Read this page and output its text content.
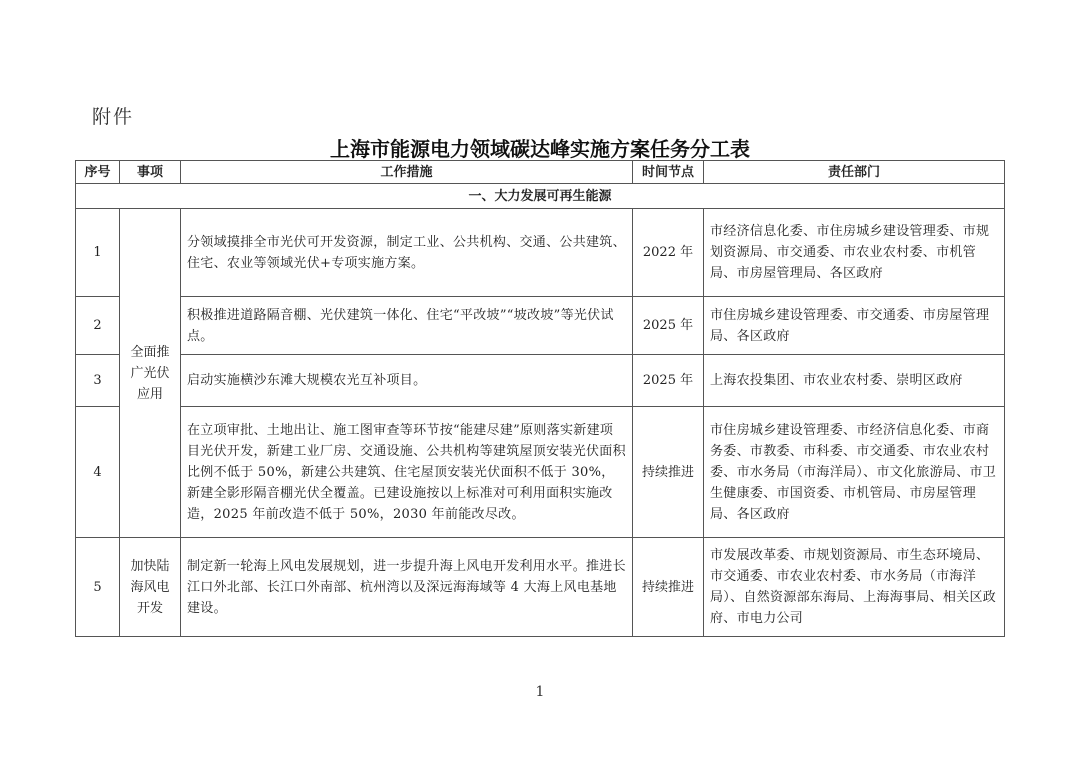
附件
上海市能源电力领域碳达峰实施方案任务分工表
序号	事项	工作措施	时间节点	责任部门
一、大力发展可再生能源				
1	全面推广光伏应用	分领域摸排全市光伏可开发资源，制定工业、公共机构、交通、公共建筑、住宅、农业等领域光伏+专项实施方案。	2022 年	市经济信息化委、市住房城乡建设管理委、市规划资源局、市交通委、市农业农村委、市机管局、市房屋管理局、各区政府
2		积极推进道路隔音棚、光伏建筑一体化、住宅“平改坡”“坡改坡”等光伏试点。	2025 年	市住房城乡建设管理委、市交通委、市房屋管理局、各区政府
3		启动实施横沙东滩大规模农光互补项目。	2025 年	上海农投集团、市农业农村委、崇明区政府
4		在立项审批、土地出让、施工图审查等环节按“能建尽建”原则落实新建项目光伏开发，新建工业厂房、交通设施、公共机构等建筑屋顶安装光伏面积比例不低于 50%，新建公共建筑、住宅屋顶安装光伏面积不低于 30%，新建全影形隔音棚光伏全覆盖。已建设施按以上标准对可利用面积实施改造，2025 年前改造不低于 50%，2030 年前能改尽改。	持续推进	市住房城乡建设管理委、市经济信息化委、市商务委、市教委、市科委、市交通委、市农业农村委、市水务局（市海洋局）、市文化旅游局、市卫生健康委、市国资委、市机管局、市房屋管理局、各区政府
5	加快陆海风电开发	制定新一轮海上风电发展规划，进一步提升海上风电开发利用水平。推进长江口外北部、长江口外南部、杭州湾以及深远海海域等 4 大海上风电基地建设。	持续推进	市发展改革委、市规划资源局、市生态环境局、市交通委、市农业农村委、市水务局（市海洋局）、自然资源部东海局、上海海事局、相关区政府、市电力公司
1
